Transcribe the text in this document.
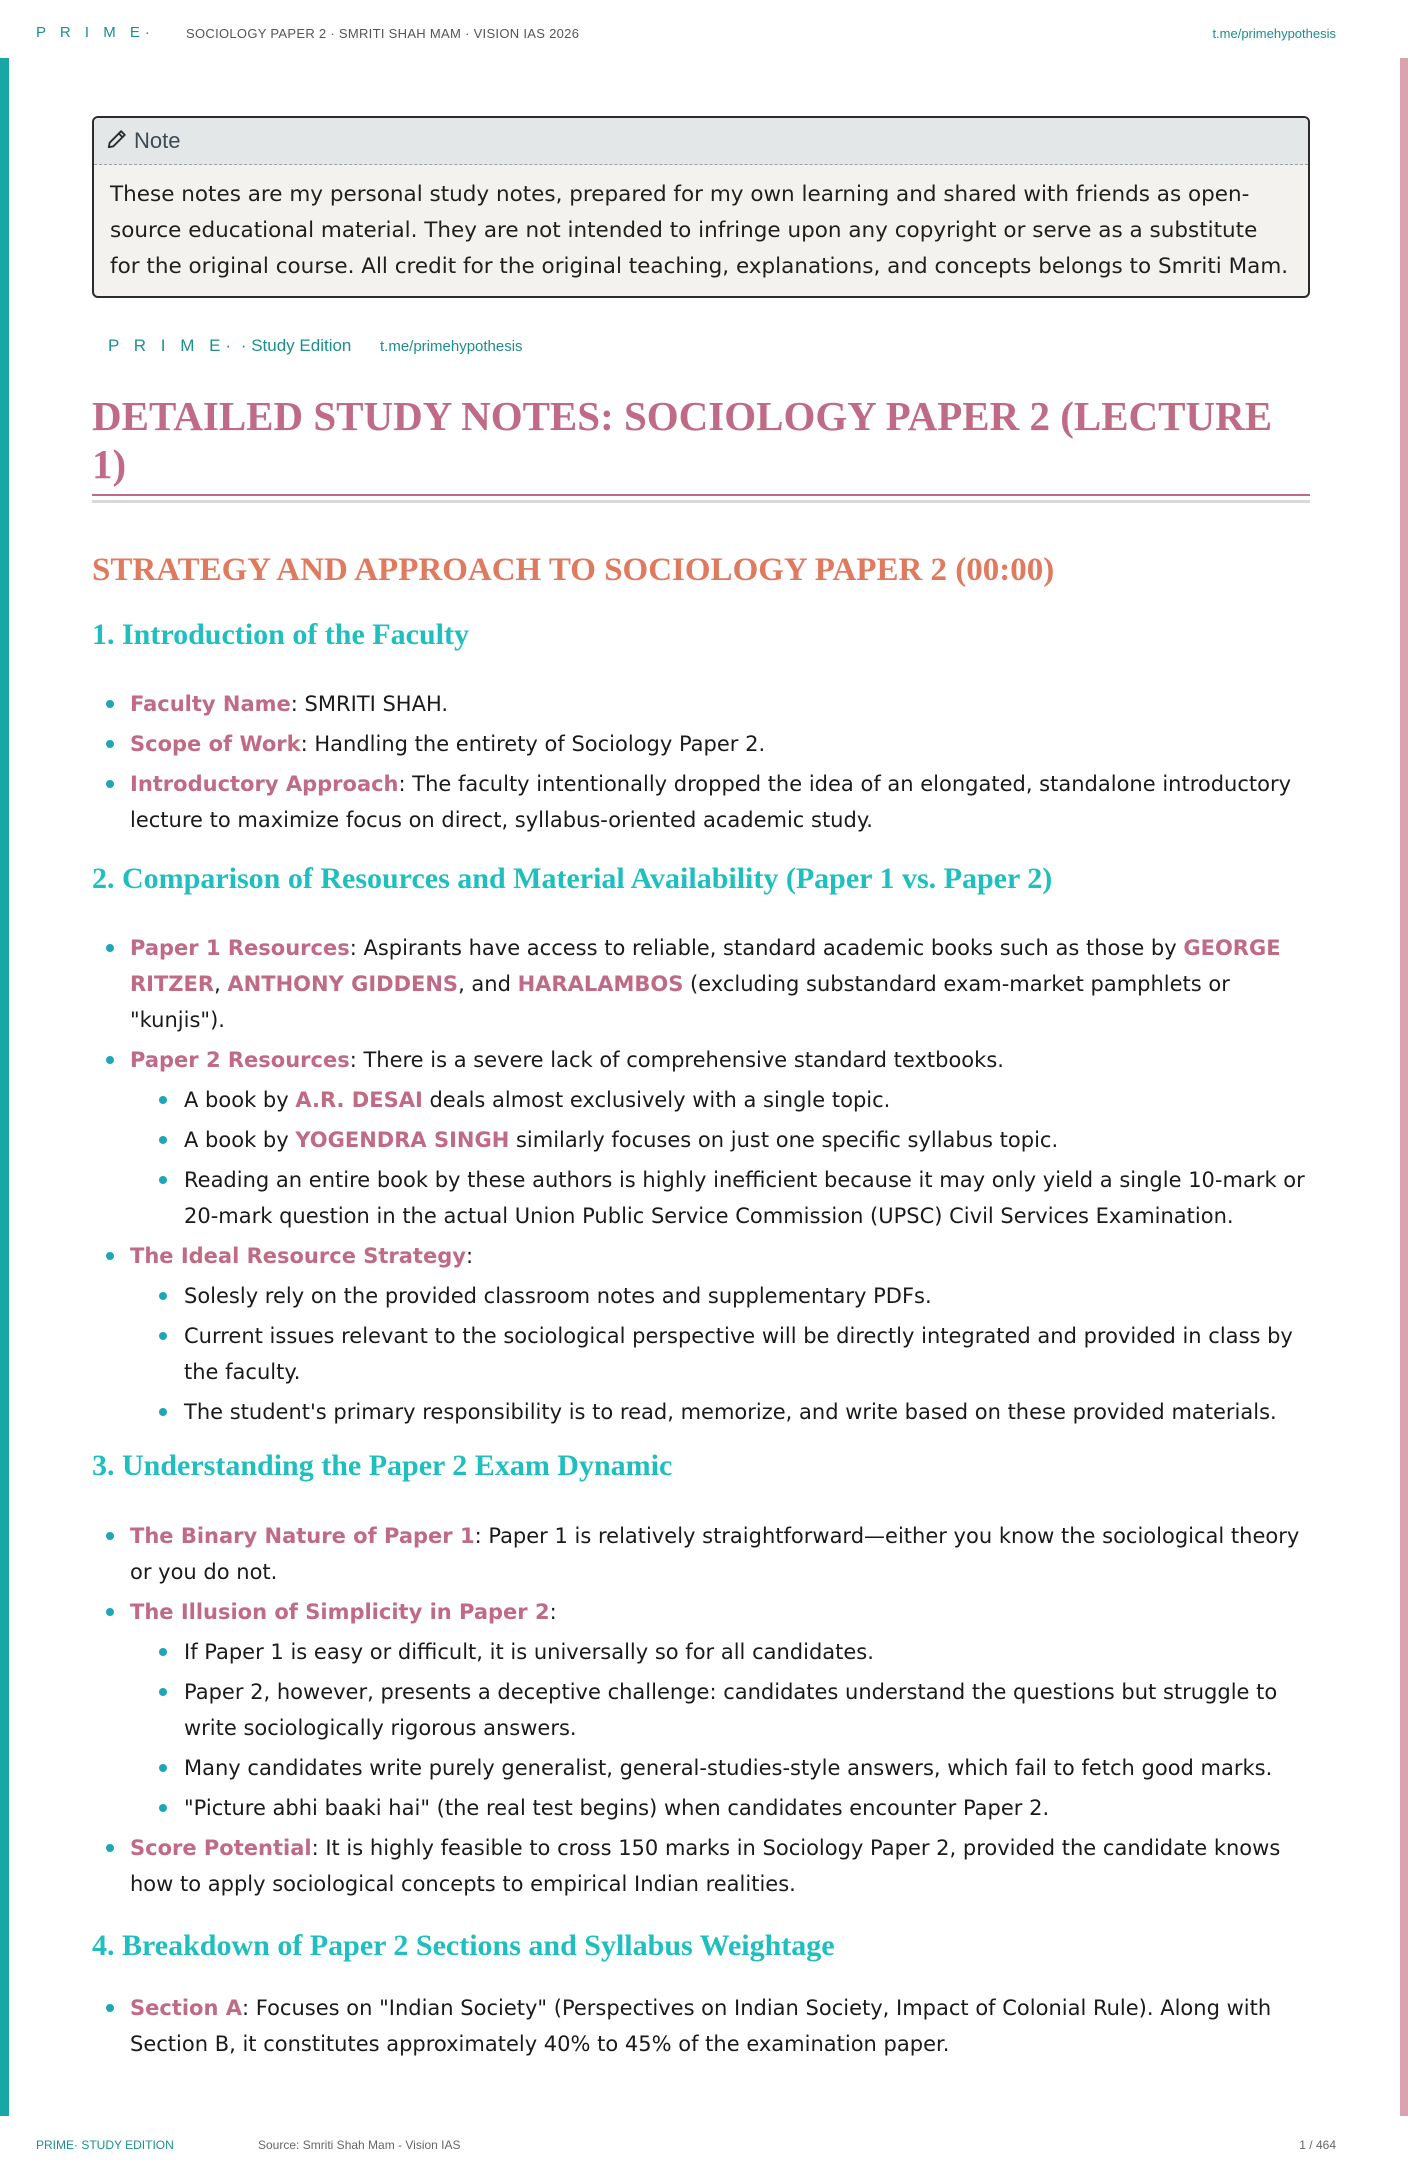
P R I M E· SOCIOLOGY PAPER 2 · SMRITI SHAH MAM · VISION IAS 2026	t.me/primehypothesis
Note
These notes are my personal study notes, prepared for my own learning and shared with friends as open-source educational material. They are not intended to infringe upon any copyright or serve as a substitute for the original course. All credit for the original teaching, explanations, and concepts belongs to Smriti Mam.
P R I M E· · Study Edition t.me/primehypothesis
DETAILED STUDY NOTES: SOCIOLOGY PAPER 2 (LECTURE 1)
STRATEGY AND APPROACH TO SOCIOLOGY PAPER 2 (00:00)
1. Introduction of the Faculty
Faculty Name: SMRITI SHAH.
Scope of Work: Handling the entirety of Sociology Paper 2.
Introductory Approach: The faculty intentionally dropped the idea of an elongated, standalone introductory lecture to maximize focus on direct, syllabus-oriented academic study.
2. Comparison of Resources and Material Availability (Paper 1 vs. Paper 2)
Paper 1 Resources: Aspirants have access to reliable, standard academic books such as those by GEORGE RITZER, ANTHONY GIDDENS, and HARALAMBOS (excluding substandard exam-market pamphlets or "kunjis").
Paper 2 Resources: There is a severe lack of comprehensive standard textbooks.
A book by A.R. DESAI deals almost exclusively with a single topic.
A book by YOGENDRA SINGH similarly focuses on just one specific syllabus topic.
Reading an entire book by these authors is highly inefficient because it may only yield a single 10-mark or 20-mark question in the actual Union Public Service Commission (UPSC) Civil Services Examination.
The Ideal Resource Strategy:
Solesly rely on the provided classroom notes and supplementary PDFs.
Current issues relevant to the sociological perspective will be directly integrated and provided in class by the faculty.
The student's primary responsibility is to read, memorize, and write based on these provided materials.
3. Understanding the Paper 2 Exam Dynamic
The Binary Nature of Paper 1: Paper 1 is relatively straightforward—either you know the sociological theory or you do not.
The Illusion of Simplicity in Paper 2:
If Paper 1 is easy or difficult, it is universally so for all candidates.
Paper 2, however, presents a deceptive challenge: candidates understand the questions but struggle to write sociologically rigorous answers.
Many candidates write purely generalist, general-studies-style answers, which fail to fetch good marks.
"Picture abhi baaki hai" (the real test begins) when candidates encounter Paper 2.
Score Potential: It is highly feasible to cross 150 marks in Sociology Paper 2, provided the candidate knows how to apply sociological concepts to empirical Indian realities.
4. Breakdown of Paper 2 Sections and Syllabus Weightage
Section A: Focuses on "Indian Society" (Perspectives on Indian Society, Impact of Colonial Rule). Along with Section B, it constitutes approximately 40% to 45% of the examination paper.
PRIME· STUDY EDITION	Source: Smriti Shah Mam - Vision IAS	1 / 464
